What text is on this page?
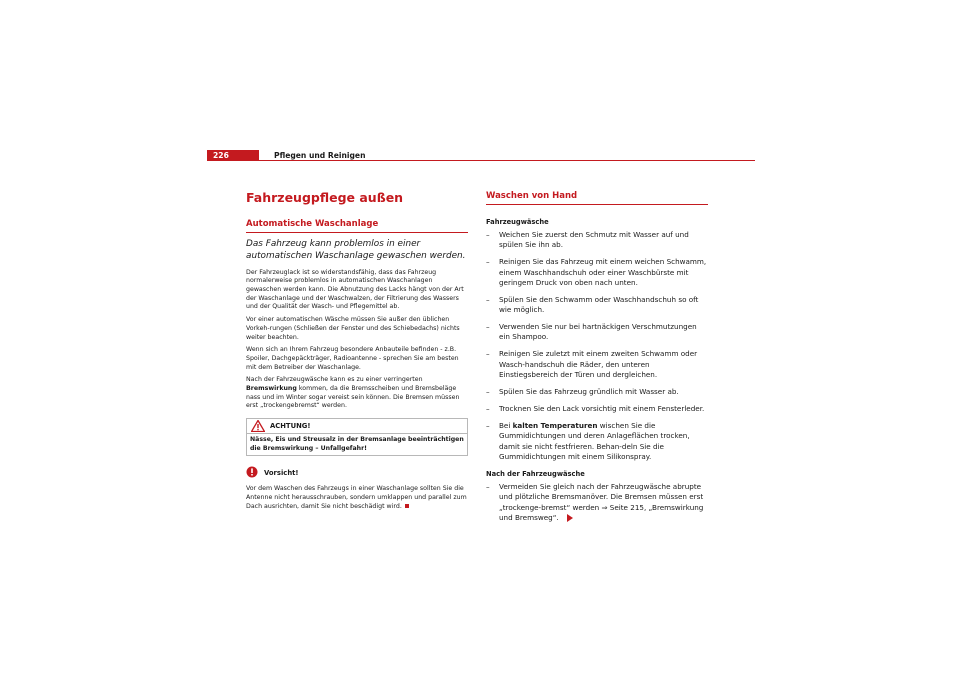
226	Pflegen und Reinigen
Fahrzeugpflege außen
Automatische Waschanlage
Das Fahrzeug kann problemlos in einer automatischen Waschanlage gewaschen werden.
Der Fahrzeuglack ist so widerstandsfähig, dass das Fahrzeug normalerweise problemlos in automatischen Waschanlagen gewaschen werden kann. Die Abnutzung des Lacks hängt von der Art der Waschanlage und der Waschwalzen, der Filtrierung des Wassers und der Qualität der Wasch- und Pflegemittel ab.
Vor einer automatischen Wäsche müssen Sie außer den üblichen Vorkeh-rungen (Schließen der Fenster und des Schiebedachs) nichts weiter beachten.
Wenn sich an Ihrem Fahrzeug besondere Anbauteile befinden - z.B. Spoiler, Dachgepäckträger, Radioantenne - sprechen Sie am besten mit dem Betreiber der Waschanlage.
Nach der Fahrzeugwäsche kann es zu einer verringerten Bremswirkung kommen, da die Bremsscheiben und Bremsbeläge nass und im Winter sogar vereist sein können. Die Bremsen müssen erst „trockengebremst“ werden.
ACHTUNG!
Nässe, Eis und Streusalz in der Bremsanlage beeinträchtigen die Bremswirkung – Unfallgefahr!
Vorsicht!
Vor dem Waschen des Fahrzeugs in einer Waschanlage sollten Sie die Antenne nicht herausschrauben, sondern umklappen und parallel zum Dach ausrichten, damit Sie nicht beschädigt wird.
Waschen von Hand
Fahrzeugwäsche
– Weichen Sie zuerst den Schmutz mit Wasser auf und spülen Sie ihn ab.
– Reinigen Sie das Fahrzeug mit einem weichen Schwamm, einem Waschhandschuh oder einer Waschbürste mit geringem Druck von oben nach unten.
– Spülen Sie den Schwamm oder Waschhandschuh so oft wie möglich.
– Verwenden Sie nur bei hartnäckigen Verschmutzungen ein Shampoo.
– Reinigen Sie zuletzt mit einem zweiten Schwamm oder Wasch-handschuh die Räder, den unteren Einstiegsbereich der Türen und dergleichen.
– Spülen Sie das Fahrzeug gründlich mit Wasser ab.
– Trocknen Sie den Lack vorsichtig mit einem Fensterleder.
– Bei kalten Temperaturen wischen Sie die Gummidichtungen und deren Anlageflächen trocken, damit sie nicht festfrieren. Behan-deln Sie die Gummidichtungen mit einem Silikonspray.
Nach der Fahrzeugwäsche
– Vermeiden Sie gleich nach der Fahrzeugwäsche abrupte und plötzliche Bremsmanöver. Die Bremsen müssen erst „trockenge-bremst“ werden ⇒ Seite 215, „Bremswirkung und Bremsweg“.
